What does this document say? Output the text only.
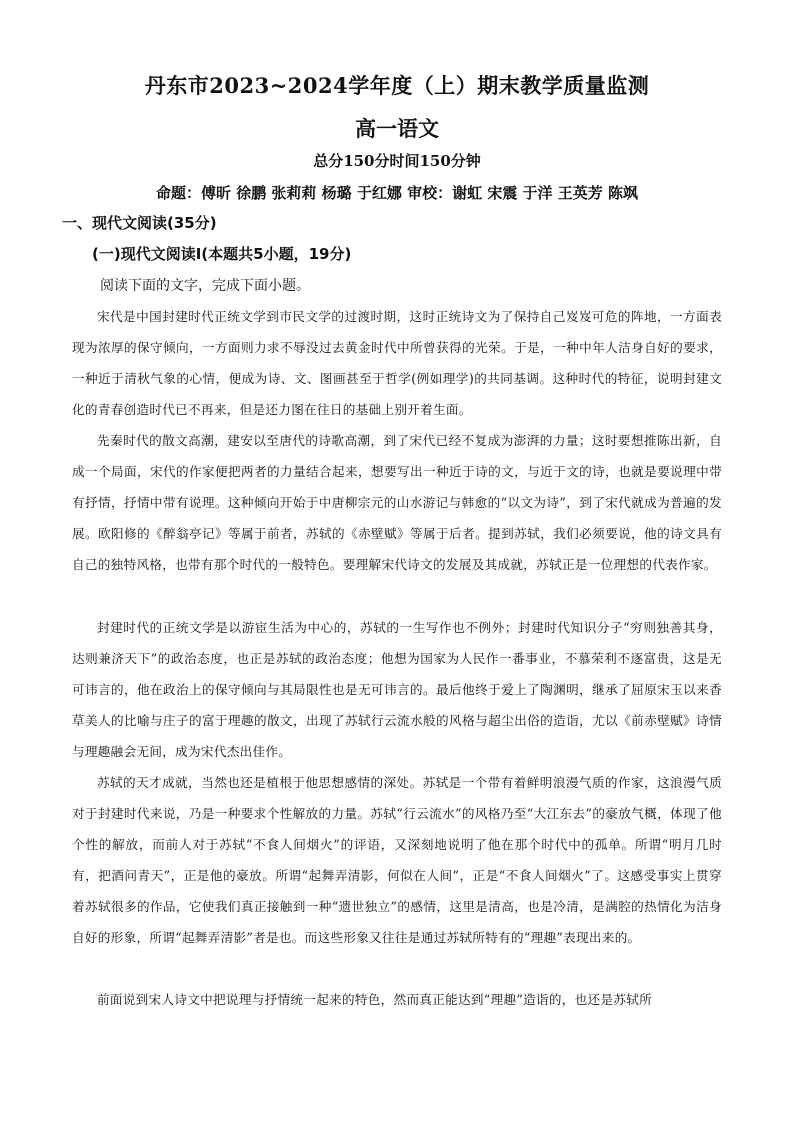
丹东市2023~2024学年度（上）期末教学质量监测
高一语文
总分150分时间150分钟
命题：傅昕 徐鹏 张莉莉 杨璐 于红娜 审校：谢虹 宋震 于洋 王英芳 陈飒
一、现代文阅读(35分)
(一)现代文阅读Ⅰ(本题共5小题，19分)
阅读下面的文字，完成下面小题。

宋代是中国封建时代正统文学到市民文学的过渡时期，这时正统诗文为了保持自己岌岌可危的阵地，一方面表现为浓厚的保守倾向，一方面则力求不辱没过去黄金时代中所曾获得的光荣。于是，一种中年人洁身自好的要求，一种近于清秋气象的心情，便成为诗、文、图画甚至于哲学(例如理学)的共同基调。这种时代的特征，说明封建文化的青春创造时代已不再来，但是还力图在往日的基础上别开着生面。

先秦时代的散文高潮，建安以至唐代的诗歌高潮，到了宋代已经不复成为澎湃的力量；这时要想推陈出新，自成一个局面，宋代的作家便把两者的力量结合起来，想要写出一种近于诗的文，与近于文的诗，也就是要说理中带有抒情，抒情中带有说理。这种倾向开始于中唐柳宗元的山水游记与韩愈的“以文为诗”，到了宋代就成为普遍的发展。欧阳修的《醉翁亭记》等属于前者，苏轼的《赤壁赋》等属于后者。提到苏轼，我们必须要说，他的诗文具有自己的独特风格，也带有那个时代的一般特色。要理解宋代诗文的发展及其成就，苏轼正是一位理想的代表作家。

封建时代的正统文学是以游宦生活为中心的，苏轼的一生写作也不例外；封建时代知识分子“穷则独善其身，达则兼济天下”的政治态度，也正是苏轼的政治态度；他想为国家为人民作一番事业，不慕荣利不逐富贵，这是无可讳言的，他在政治上的保守倾向与其局限性也是无可讳言的。最后他终于爱上了陶渊明，继承了屈原宋玉以来香草美人的比喻与庄子的富于理趣的散文，出现了苏轼行云流水般的风格与超尘出俗的造诣，尤以《前赤壁赋》诗情与理趣融会无间，成为宋代杰出佳作。

苏轼的天才成就，当然也还是植根于他思想感情的深处。苏轼是一个带有着鲜明浪漫气质的作家，这浪漫气质对于封建时代来说，乃是一种要求个性解放的力量。苏轼“行云流水”的风格乃至“大江东去”的豪放气概，体现了他个性的解放，而前人对于苏轼“不食人间烟火”的评语，又深刻地说明了他在那个时代中的孤单。所谓“明月几时有，把酒问青天”，正是他的豪放。所谓“起舞弄清影，何似在人间”，正是“不食人间烟火”了。这感受事实上贯穿着苏轼很多的作品，它使我们真正接触到一种“遗世独立”的感情，这里是清高，也是冷清，是满腔的热情化为洁身自好的形象，所谓“起舞弄清影”者是也。而这些形象又往往是通过苏轼所特有的“理趣”表现出来的。

前面说到宋人诗文中把说理与抒情统一起来的特色，然而真正能达到“理趣”造诣的，也还是苏轼所
